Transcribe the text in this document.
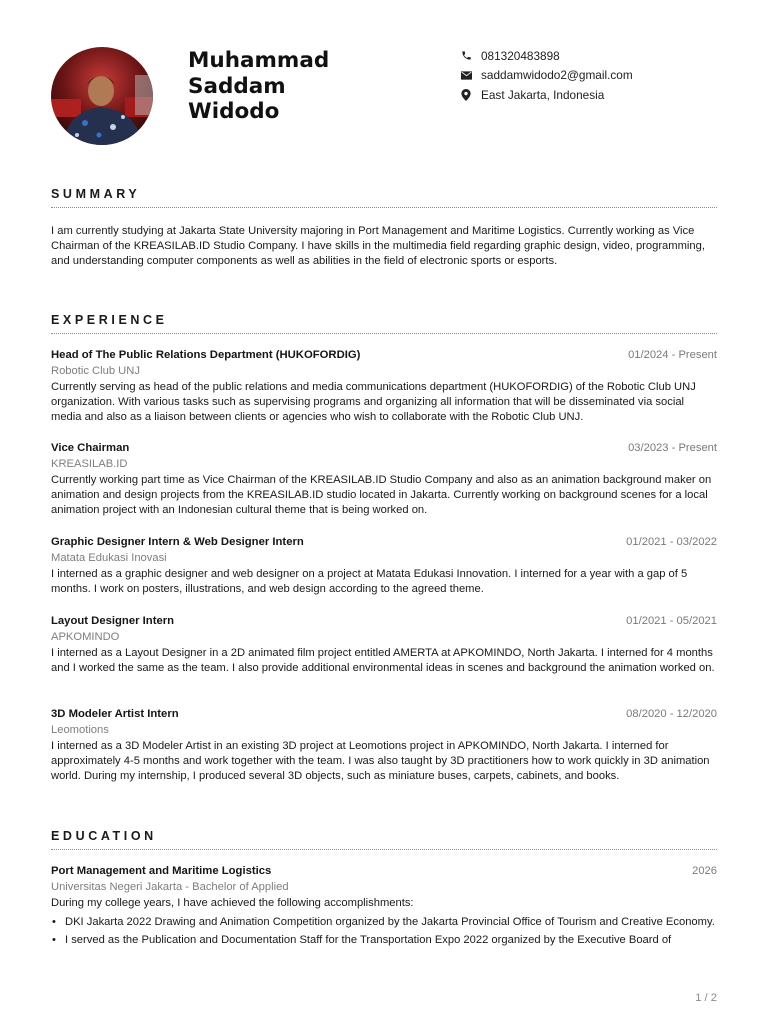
Muhammad
Saddam
Widodo
081320483898
saddamwidodo2@gmail.com
East Jakarta, Indonesia
SUMMARY

I am currently studying at Jakarta State University majoring in Port Management and Maritime Logistics. Currently working as Vice Chairman of the KREASILAB.ID Studio Company. I have skills in the multimedia field regarding graphic design, video, programming, and understanding computer components as well as abilities in the field of electronic sports or esports.

EXPERIENCE
Head of The Public Relations Department (HUKOFORDIG)	01/2024 - Present
Robotic Club UNJ

Currently serving as head of the public relations and media communications department (HUKOFORDIG) of the Robotic Club UNJ organization. With various tasks such as supervising programs and organizing all information that will be disseminated via social media and also as a liaison between clients or agencies who wish to collaborate with the Robotic Club UNJ.

Vice Chairman	03/2023 - Present
KREASILAB.ID

Currently working part time as Vice Chairman of the KREASILAB.ID Studio Company and also as an animation background maker on animation and design projects from the KREASILAB.ID studio located in Jakarta. Currently working on background scenes for a local animation project with an Indonesian cultural theme that is being worked on.

Graphic Designer Intern & Web Designer Intern	01/2021 - 03/2022
Matata Edukasi Inovasi

I interned as a graphic designer and web designer on a project at Matata Edukasi Innovation. I interned for a year with a gap of 5 months. I work on posters, illustrations, and web design according to the agreed theme.

Layout Designer Intern	01/2021 - 05/2021
APKOMINDO

I interned as a Layout Designer in a 2D animated film project entitled AMERTA at APKOMINDO, North Jakarta. I interned for 4 months and I worked the same as the team. I also provide additional environmental ideas in scenes and background the animation worked on.

3D Modeler Artist Intern	08/2020 - 12/2020
Leomotions

I interned as a 3D Modeler Artist in an existing 3D project at Leomotions project in APKOMINDO, North Jakarta. I interned for approximately 4-5 months and work together with the team. I was also taught by 3D practitioners how to work quickly in 3D animation world. During my internship, I produced several 3D objects, such as miniature buses, carpets, cabinets, and books.

EDUCATION
Port Management and Maritime Logistics	2026
Universitas Negeri Jakarta - Bachelor of Applied

During my college years, I have achieved the following accomplishments:

• DKI Jakarta 2022 Drawing and Animation Competition organized by the Jakarta Provincial Office of Tourism and Creative Economy.
• I served as the Publication and Documentation Staff for the Transportation Expo 2022 organized by the Executive Board of
1 / 2
